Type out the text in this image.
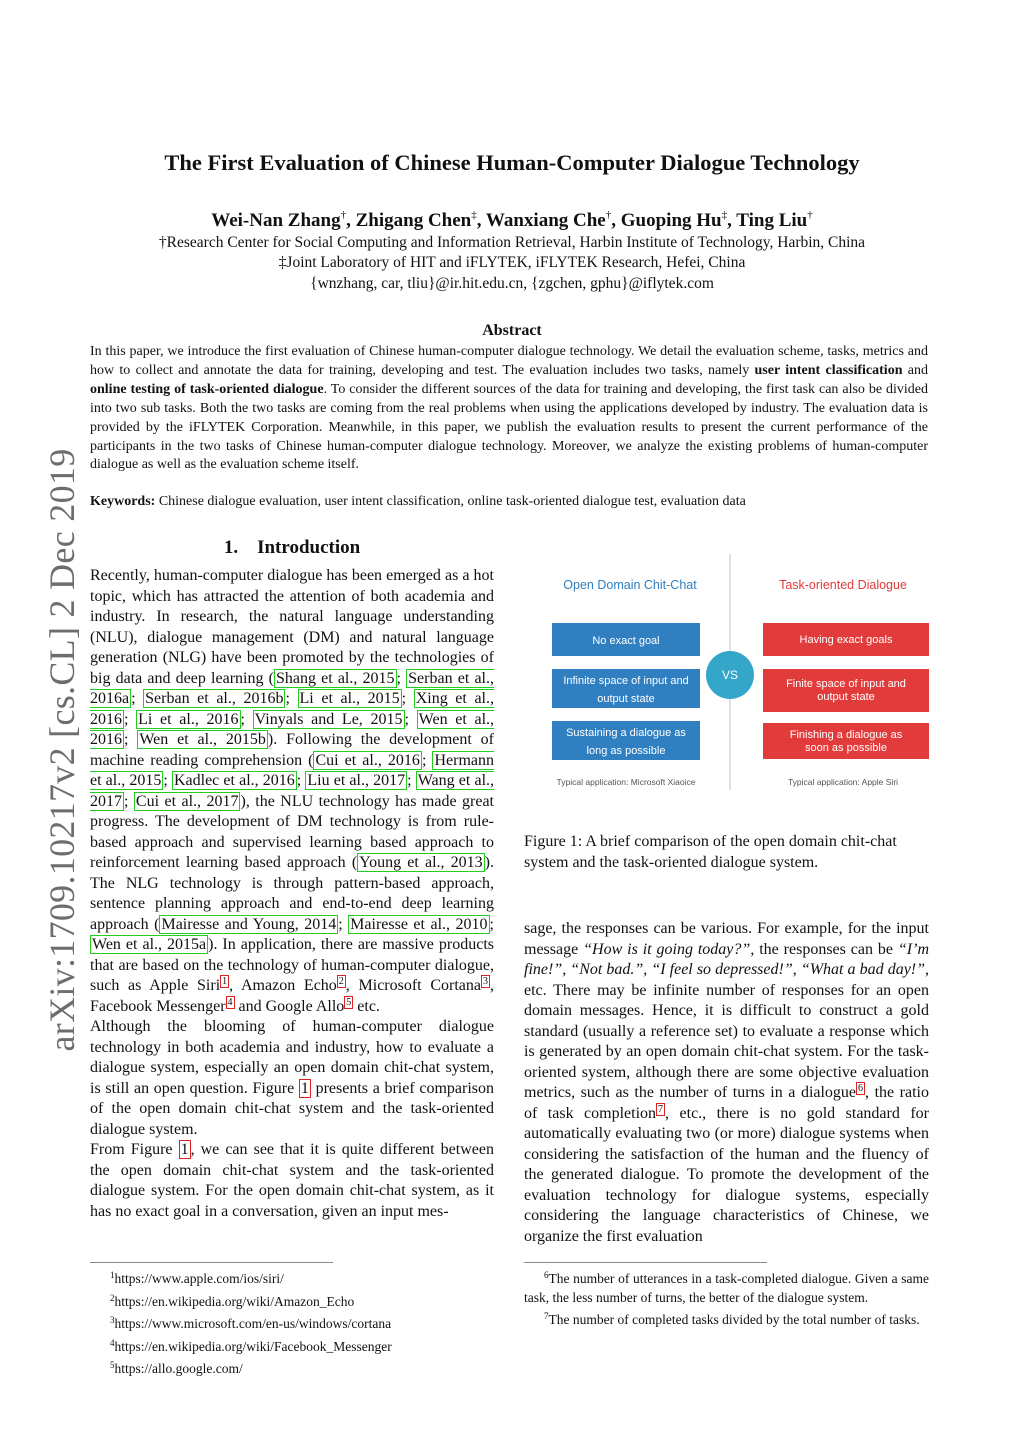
arXiv:1709.10217v2 [cs.CL] 2 Dec 2019
The First Evaluation of Chinese Human-Computer Dialogue Technology
Wei-Nan Zhang†, Zhigang Chen‡, Wanxiang Che†, Guoping Hu‡, Ting Liu†
†Research Center for Social Computing and Information Retrieval, Harbin Institute of Technology, Harbin, China
‡Joint Laboratory of HIT and iFLYTEK, iFLYTEK Research, Hefei, China
{wnzhang, car, tliu}@ir.hit.edu.cn, {zgchen, gphu}@iflytek.com
Abstract
In this paper, we introduce the first evaluation of Chinese human-computer dialogue technology. We detail the evaluation scheme, tasks, metrics and how to collect and annotate the data for training, developing and test. The evaluation includes two tasks, namely user intent classification and online testing of task-oriented dialogue. To consider the different sources of the data for training and developing, the first task can also be divided into two sub tasks. Both the two tasks are coming from the real problems when using the applications developed by industry. The evaluation data is provided by the iFLYTEK Corporation. Meanwhile, in this paper, we publish the evaluation results to present the current performance of the participants in the two tasks of Chinese human-computer dialogue technology. Moreover, we analyze the existing problems of human-computer dialogue as well as the evaluation scheme itself.
Keywords: Chinese dialogue evaluation, user intent classification, online task-oriented dialogue test, evaluation data
1. Introduction

Recently, human-computer dialogue has been emerged as a hot topic, which has attracted the attention of both academia and industry. In research, the natural language understanding (NLU), dialogue management (DM) and natural language generation (NLG) have been promoted by the technologies of big data and deep learning ( Shang et al., 2015 ; Serban et al., 2016a ; Serban et al., 2016b ; Li et al., 2015 ; Xing et al., 2016 ; Li et al., 2016 ; Vinyals and Le, 2015 ; Wen et al., 2016 ; Wen et al., 2015b ). Following the development of machine reading comprehension ( Cui et al., 2016 ; Hermann et al., 2015 ; Kadlec et al., 2016 ; Liu et al., 2017 ; Wang et al., 2017 ; Cui et al., 2017 ), the NLU technology has made great progress. The development of DM technology is from rule-based approach and supervised learning based approach to reinforcement learning based approach ( Young et al., 2013 ). The NLG technology is through pattern-based approach, sentence planning approach and end-to-end deep learning approach ( Mairesse and Young, 2014 ; Mairesse et al., 2010 ; Wen et al., 2015a ). In application, there are massive products that are based on the technology of human-computer dialogue, such as Apple Siri $^1$ , Amazon Echo $^2$ , Microsoft Cortana $^3$ , Facebook Messenger $^4$ and Google Allo $^5$ etc.

Although the blooming of human-computer dialogue technology in both academia and industry, how to evaluate a dialogue system, especially an open domain chit-chat system, is still an open question. Figure 1 presents a brief comparison of the open domain chit-chat system and the task-oriented dialogue system.

From Figure 1 , we can see that it is quite different between the open domain chit-chat system and the task-oriented dialogue system. For the open domain chit-chat system, as it has no exact goal in a conversation, given an input mes-

$^1$https://www.apple.com/ios/siri/
$^2$https://en.wikipedia.org/wiki/Amazon_Echo
$^3$https://www.microsoft.com/en-us/windows/cortana
$^4$https://en.wikipedia.org/wiki/Facebook_Messenger
$^5$https://allo.google.com/
Open Domain Chit-Chat	Task-oriented Dialogue
No exact goal
Infinite space of input and
output state
Sustaining a dialogue as
long as possible
Having exact goals
Finite space of input and
output state
Finishing a dialogue as
soon as possible
VS
Typical application: Microsoft Xiaoice	Typical application: Apple Siri
Figure 1: A brief comparison of the open domain chit-chat system and the task-oriented dialogue system.

sage, the responses can be various. For example, for the input message “How is it going today?”, the responses can be “I’m fine!”, “Not bad.”, “I feel so depressed!”, “What a bad day!”, etc. There may be infinite number of responses for an open domain messages. Hence, it is difficult to construct a gold standard (usually a reference set) to evaluate a response which is generated by an open domain chit-chat system. For the task-oriented system, although there are some objective evaluation metrics, such as the number of turns in a dialogue $^6$ , the ratio of task completion $^7$ , etc., there is no gold standard for automatically evaluating two (or more) dialogue systems when considering the satisfaction of the human and the fluency of the generated dialogue. To promote the development of the evaluation technology for dialogue systems, especially considering the language characteristics of Chinese, we organize the first evaluation

$^6$The number of utterances in a task-completed dialogue. Given a same task, the less number of turns, the better of the dialogue system.
$^7$The number of completed tasks divided by the total number of tasks.
